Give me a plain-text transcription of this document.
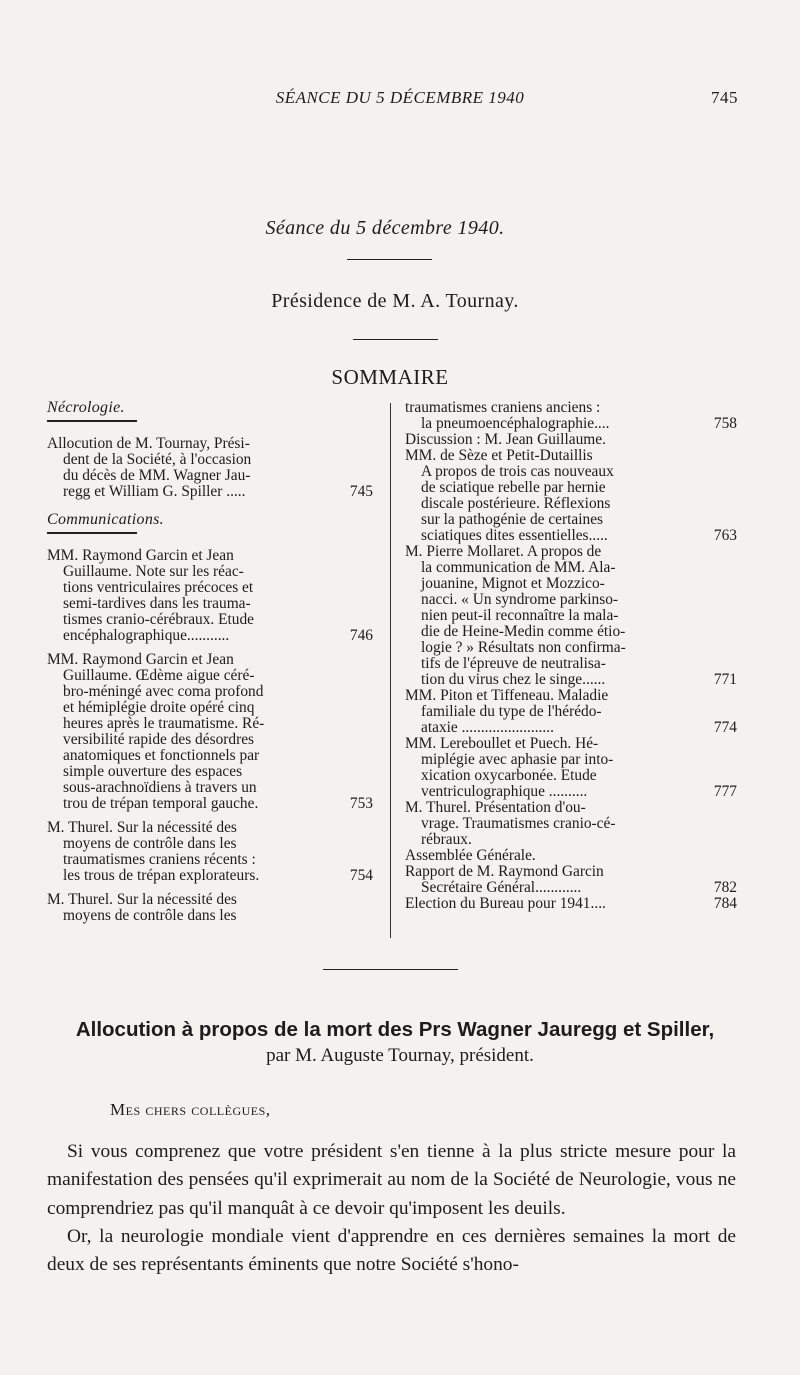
SÉANCE DU 5 DÉCEMBRE 1940	745
Séance du 5 décembre 1940.
Présidence de M. A. Tournay.
SOMMAIRE
Nécrologie.
Allocution de M. Tournay, Prési-
dent de la Société, à l'occasion
du décès de MM. Wagner Jau-
regg et William G. Spiller .....	745
Communications.
MM. Raymond Garcin et Jean
Guillaume. Note sur les réac-
tions ventriculaires précoces et
semi-tardives dans les trauma-
tismes cranio-cérébraux. Etude
encéphalographique...........	746
MM. Raymond Garcin et Jean
Guillaume. Œdème aigue céré-
bro-méningé avec coma profond
et hémiplégie droite opéré cinq
heures après le traumatisme. Ré-
versibilité rapide des désordres
anatomiques et fonctionnels par
simple ouverture des espaces
sous-arachnoïdiens à travers un
trou de trépan temporal gauche.	753
M. Thurel. Sur la nécessité des
moyens de contrôle dans les
traumatismes craniens récents :
les trous de trépan explorateurs.	754
M. Thurel. Sur la nécessité des
moyens de contrôle dans les
traumatismes craniens anciens :
la pneumoencéphalographie....	758
Discussion : M. Jean Guillaume.
MM. de Sèze et Petit-Dutaillis
A propos de trois cas nouveaux
de sciatique rebelle par hernie
discale postérieure. Réflexions
sur la pathogénie de certaines
sciatiques dites essentielles.....	763
M. Pierre Mollaret. A propos de
la communication de MM. Ala-
jouanine, Mignot et Mozzico-
nacci. « Un syndrome parkinso-
nien peut-il reconnaître la mala-
die de Heine-Medin comme étio-
logie ? » Résultats non confirma-
tifs de l'épreuve de neutralisa-
tion du virus chez le singe......	771
MM. Piton et Tiffeneau. Maladie
familiale du type de l'hérédo-
ataxie ........................	774
MM. Lereboullet et Puech. Hé-
miplégie avec aphasie par into-
xication oxycarbonée. Etude
ventriculographique ..........	777
M. Thurel. Présentation d'ou-
vrage. Traumatismes cranio-cé-
rébraux.
Assemblée Générale.
Rapport de M. Raymond Garcin
Secrétaire Général............	782
Election du Bureau pour 1941....	784
Allocution à propos de la mort des Prs Wagner Jauregg et Spiller,
par M. Auguste Tournay, président.
Mes chers collègues,

Si vous comprenez que votre président s'en tienne à la plus stricte mesure pour la manifestation des pensées qu'il exprimerait au nom de la Société de Neurologie, vous ne comprendriez pas qu'il manquât à ce devoir qu'imposent les deuils.

Or, la neurologie mondiale vient d'apprendre en ces dernières semaines la mort de deux de ses représentants éminents que notre Société s'hono-
